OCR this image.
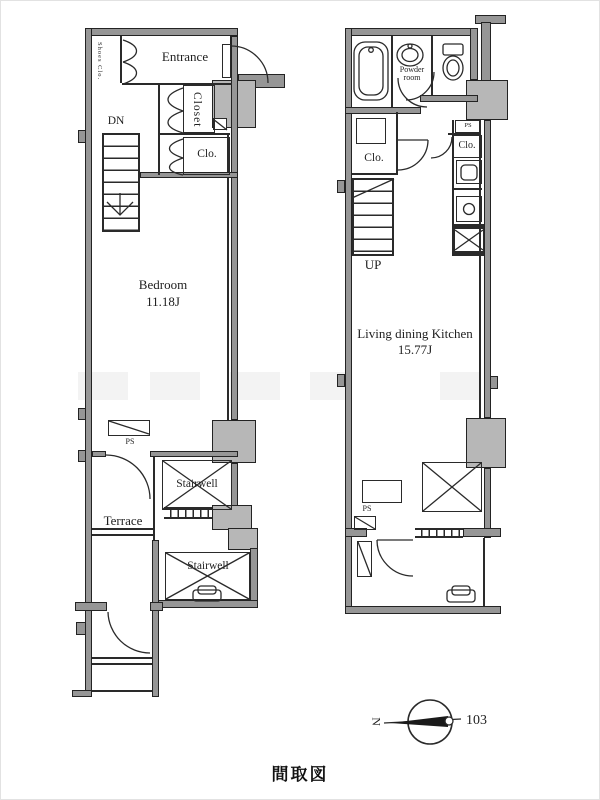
Shoes Clo.	Entrance
Closet
Clo.
DN
Bedroom
11.18J
PS
Terrace
Stairwell
Stairwell
Powder room
Clo.
PS
Clo.
UP
Living dining Kitchen
15.77J
PS
N	103
間取図
